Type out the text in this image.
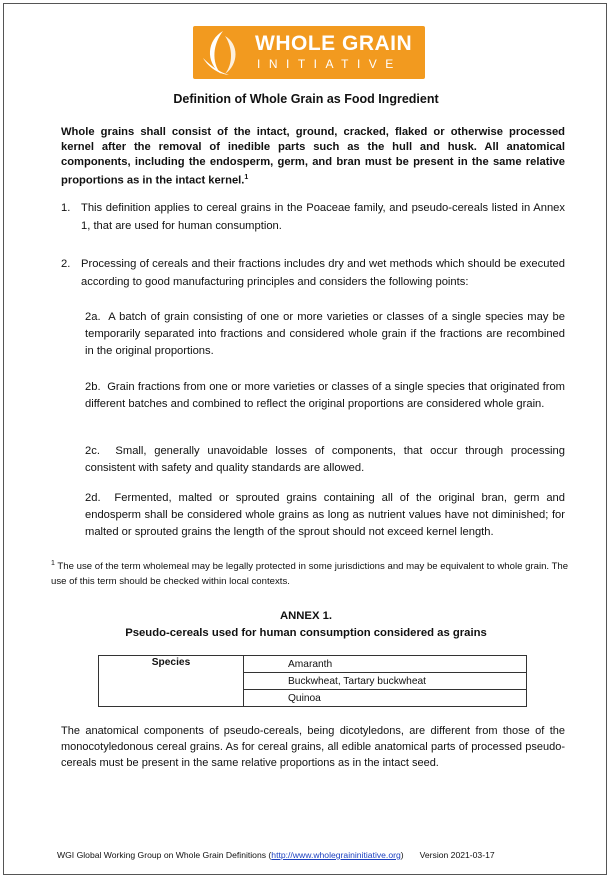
WHOLE GRAIN
INITIATIVE
Definition of Whole Grain as Food Ingredient
Whole grains shall consist of the intact, ground, cracked, flaked or otherwise processed kernel after the removal of inedible parts such as the hull and husk. All anatomical components, including the endosperm, germ, and bran must be present in the same relative proportions as in the intact kernel.$^1$
1. This definition applies to cereal grains in the Poaceae family, and pseudo-cereals listed in Annex 1, that are used for human consumption.
2. Processing of cereals and their fractions includes dry and wet methods which should be executed according to good manufacturing principles and considers the following points:
2a. A batch of grain consisting of one or more varieties or classes of a single species may be temporarily separated into fractions and considered whole grain if the fractions are recombined in the original proportions.
2b. Grain fractions from one or more varieties or classes of a single species that originated from different batches and combined to reflect the original proportions are considered whole grain.
2c. Small, generally unavoidable losses of components, that occur through processing consistent with safety and quality standards are allowed.
2d. Fermented, malted or sprouted grains containing all of the original bran, germ and endosperm shall be considered whole grains as long as nutrient values have not diminished; for malted or sprouted grains the length of the sprout should not exceed kernel length.
$^1$ The use of the term wholemeal may be legally protected in some jurisdictions and may be equivalent to whole grain. The use of this term should be checked within local contexts.
ANNEX 1.
Pseudo-cereals used for human consumption considered as grains
Species	Amaranth
Buckwheat, Tartary buckwheat
Quinoa
The anatomical components of pseudo-cereals, being dicotyledons, are different from those of the monocotyledonous cereal grains. As for cereal grains, all edible anatomical parts of processed pseudo-cereals must be present in the same relative proportions as in the intact seed.
WGI Global Working Group on Whole Grain Definitions (http://www.wholegraininitiative.org) Version 2021-03-17
